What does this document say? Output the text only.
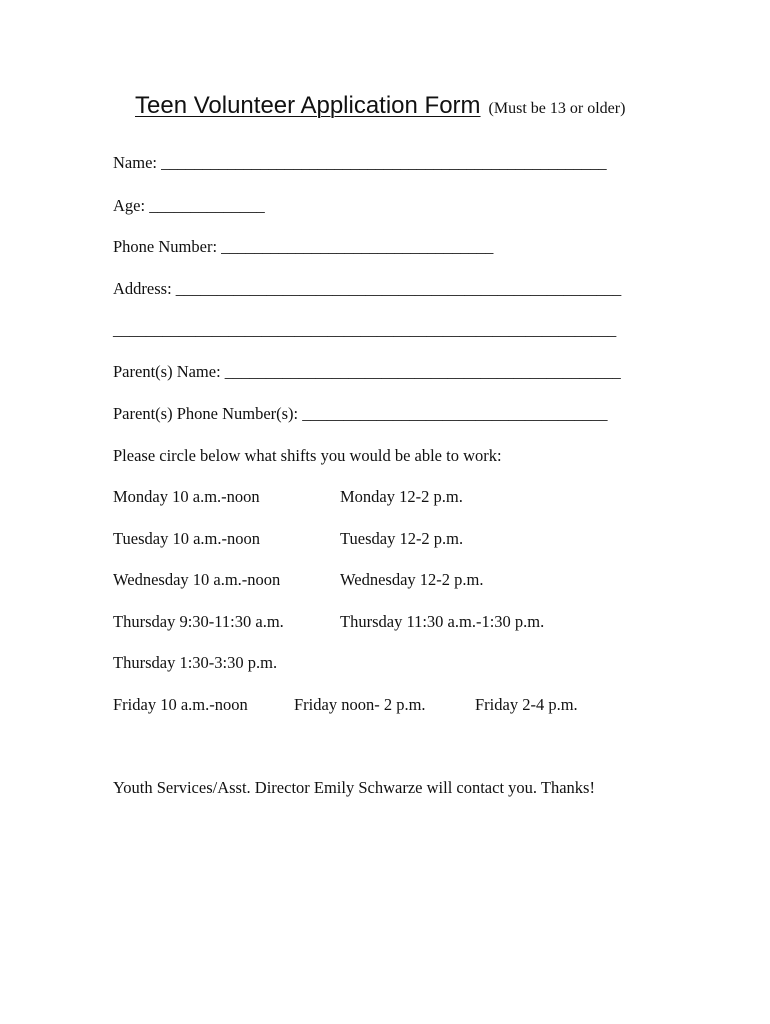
Teen Volunteer Application Form (Must be 13 or older)
Name: ______________________________________________________
Age: ______________
Phone Number: _________________________________
Address: ______________________________________________________
_____________________________________________________________
Parent(s) Name: ________________________________________________
Parent(s) Phone Number(s): _____________________________________
Please circle below what shifts you would be able to work:
Monday 10 a.m.-noon	Monday 12-2 p.m.
Tuesday 10 a.m.-noon	Tuesday 12-2 p.m.
Wednesday 10 a.m.-noon	Wednesday 12-2 p.m.
Thursday 9:30-11:30 a.m.	Thursday 11:30 a.m.-1:30 p.m.
Thursday 1:30-3:30 p.m.
Friday 10 a.m.-noon	Friday noon- 2 p.m.	Friday 2-4 p.m.
Youth Services/Asst. Director Emily Schwarze will contact you. Thanks!
